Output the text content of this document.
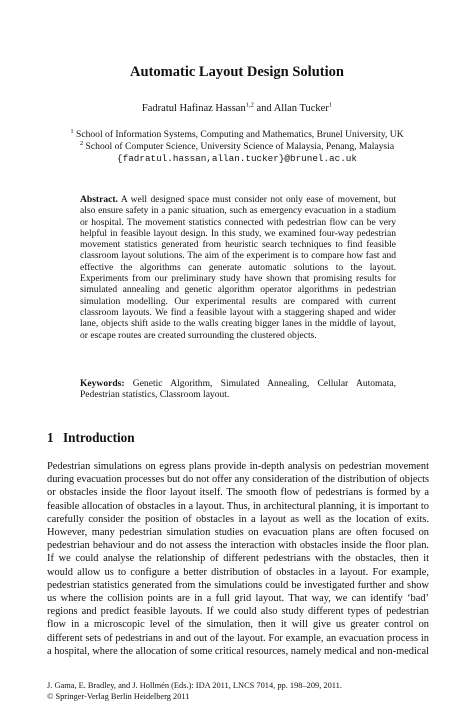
Automatic Layout Design Solution
Fadratul Hafinaz Hassan$^{1,2}$ and Allan Tucker$^1$
$^1$ School of Information Systems, Computing and Mathematics, Brunel University, UK
$^2$ School of Computer Science, University Science of Malaysia, Penang, Malaysia
{fadratul.hassan,allan.tucker}@brunel.ac.uk
Abstract. A well designed space must consider not only ease of movement, but also ensure safety in a panic situation, such as emergency evacuation in a stadium or hospital. The movement statistics connected with pedestrian flow can be very helpful in feasible layout design. In this study, we examined four-way pedestrian movement statistics generated from heuristic search techniques to find feasible classroom layout solutions. The aim of the experiment is to compare how fast and effective the algorithms can generate automatic solutions to the layout. Experiments from our preliminary study have shown that promising results for simulated annealing and genetic algorithm operator algorithms in pedestrian simulation modelling. Our experimental results are compared with current classroom layouts. We find a feasible layout with a staggering shaped and wider lane, objects shift aside to the walls creating bigger lanes in the middle of layout, or escape routes are created surrounding the clustered objects.
Keywords: Genetic Algorithm, Simulated Annealing, Cellular Automata, Pedestrian statistics, Classroom layout.
1 Introduction
Pedestrian simulations on egress plans provide in-depth analysis on pedestrian movement during evacuation processes but do not offer any consideration of the distribution of objects or obstacles inside the floor layout itself. The smooth flow of pedestrians is formed by a feasible allocation of obstacles in a layout. Thus, in architectural planning, it is important to carefully consider the position of obstacles in a layout as well as the location of exits. However, many pedestrian simulation studies on evacuation plans are often focused on pedestrian behaviour and do not assess the interaction with obstacles inside the floor plan. If we could analyse the relationship of different pedestrians with the obstacles, then it would allow us to configure a better distribution of obstacles in a layout. For example, pedestrian statistics generated from the simulations could be investigated further and show us where the collision points are in a full grid layout. That way, we can identify ‘bad’ regions and predict feasible layouts. If we could also study different types of pedestrian flow in a microscopic level of the simulation, then it will give us greater control on different sets of pedestrians in and out of the layout. For example, an evacuation process in a hospital, where the allocation of some critical resources, namely medical and non-medical
J. Gama, E. Bradley, and J. Hollmén (Eds.): IDA 2011, LNCS 7014, pp. 198–209, 2011.
© Springer-Verlag Berlin Heidelberg 2011
